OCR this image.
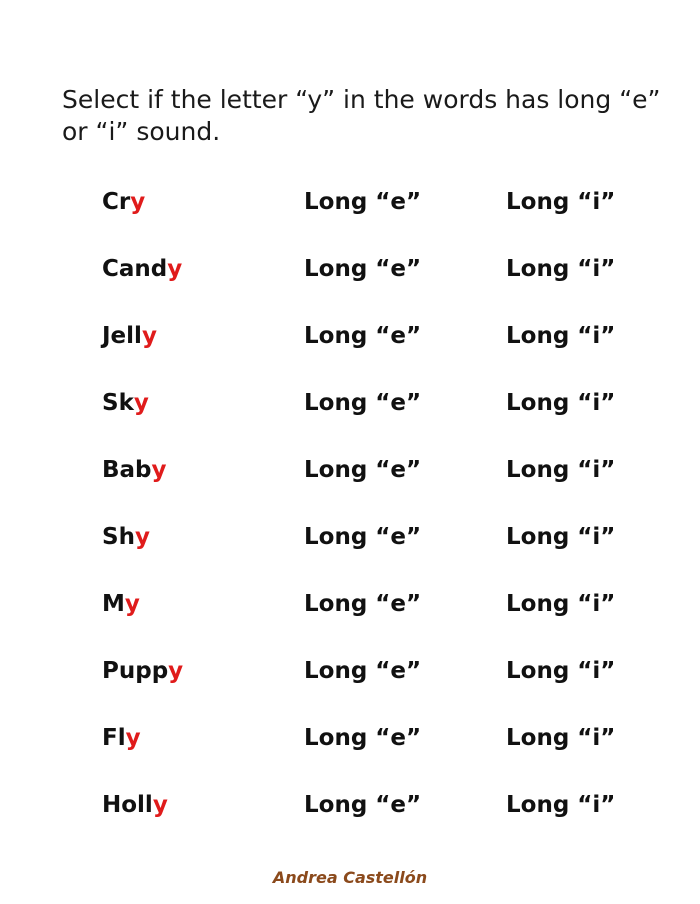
Select if the letter “y” in the words has long “e” or “i” sound.

Cry	Long “e”	Long “i”
Candy	Long “e”	Long “i”
Jelly	Long “e”	Long “i”
Sky	Long “e”	Long “i”
Baby	Long “e”	Long “i”
Shy	Long “e”	Long “i”
My	Long “e”	Long “i”
Puppy	Long “e”	Long “i”
Fly	Long “e”	Long “i”
Holly	Long “e”	Long “i”
Andrea Castellón
